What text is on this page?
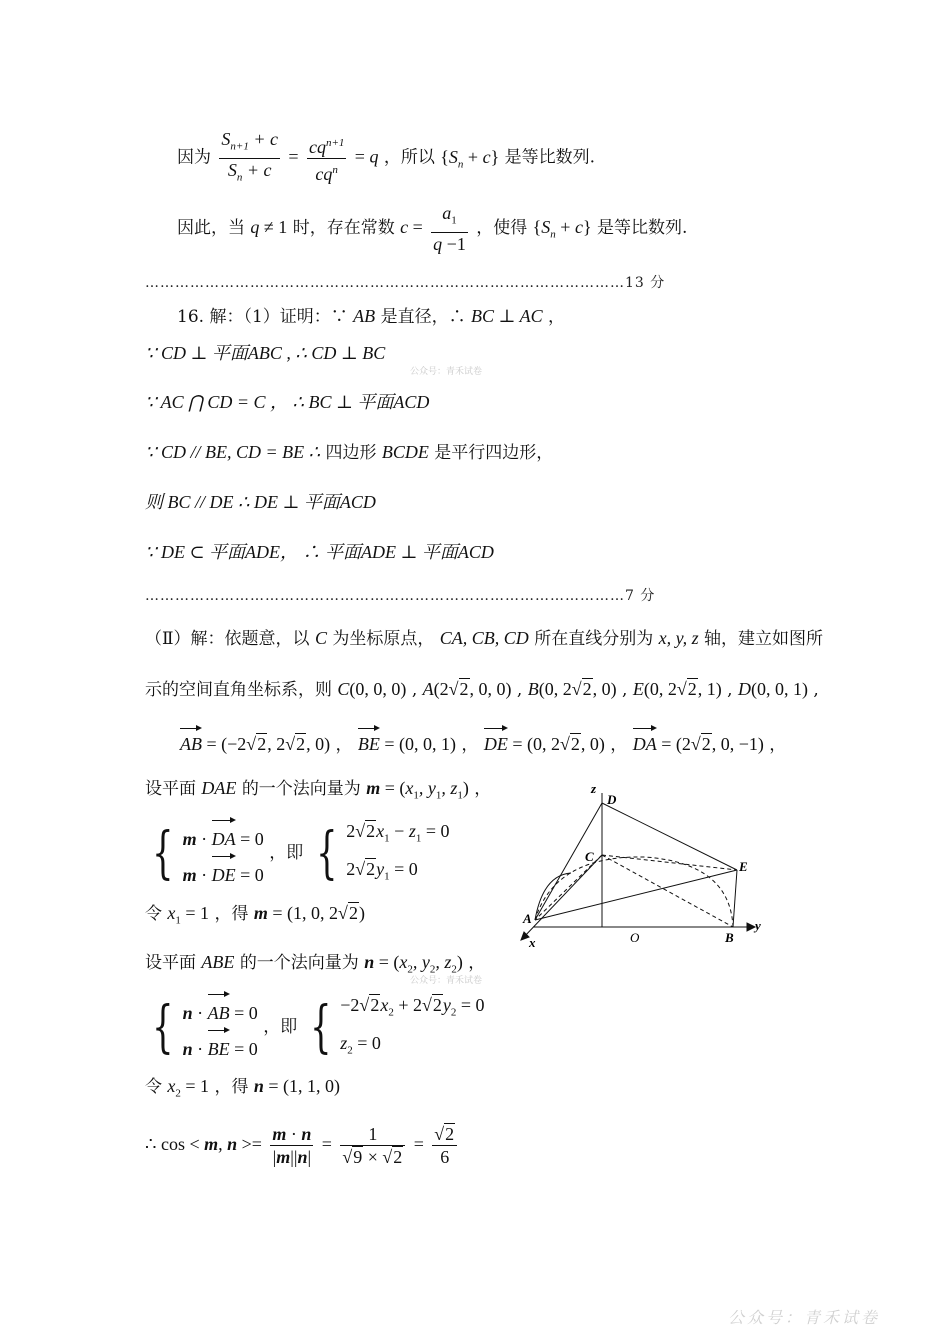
因为 $\frac{S_{n+1} + c}{S_n + c} = \frac{cq^{n+1}}{cq^n} = q$ ，所以 $\{S_n + c\}$ 是等比数列.
因此，当 q ≠ 1 时，存在常数 $c = \frac{a_1}{q -1}$ ，使得 $\{S_n + c\}$ 是等比数列.
……………………………………………………………………………………13 分
16. 解：（1）证明：∵ AB 是直径，∴ BC ⊥ AC ，
∵ CD ⊥ 平面ABC , ∴ CD ⊥ BC
公众号：青禾试卷
∵ AC ⋂ CD = C ， ∴ BC ⊥ 平面ACD
∵ CD // BE, CD = BE ∴ 四边形 BCDE 是平行四边形，
则 BC // DE ∴ DE ⊥ 平面ACD
∵ DE ⊂ 平面ADE， ∴ 平面ADE ⊥ 平面ACD
……………………………………………………………………………………7 分
（Ⅱ）解：依题意，以 C 为坐标原点， CA, CB, CD 所在直线分别为 x, y, z 轴，建立如图所
示的空间直角坐标系，则 C(0, 0, 0) , A(2√2, 0, 0) , B(0, 2√2, 0) , E(0, 2√2, 1) , D(0, 0, 1) ,
AB = (−2√2, 2√2, 0) ， BE = (0, 0, 1) ， DE = (0, 2√2, 0) ， DA = (2√2, 0, −1) ，
设平面 DAE 的一个法向量为 $m = (x_1$, $y_1$, $z_1$) ，
{ m · DA = 0
m · DE = 0
，即 { $2√2x_1 - z_1 = 0$
$2√2y_1 = 0$
令 $x_1 = 1$ ，得 m = (1, 0, 2√2)
设平面 ABE 的一个法向量为 $n = (x_2$, $y_2$, $z_2$) ，
公众号：青禾试卷
{ n · AB = 0
n · BE = 0
，即 { $-2√2x_2 + 2√2y_2 = 0$
$z_2 = 0$
令 $x_2 = 1$ ，得 n = (1, 1, 0)
∴ cos < m, $n >= \frac{m \cdot n}{|m||n|} = \frac{1}{√9 \times √2} = \frac{√2}{6}$
z
D
C
E
A
x	O	B
y
公众号：青禾试卷
